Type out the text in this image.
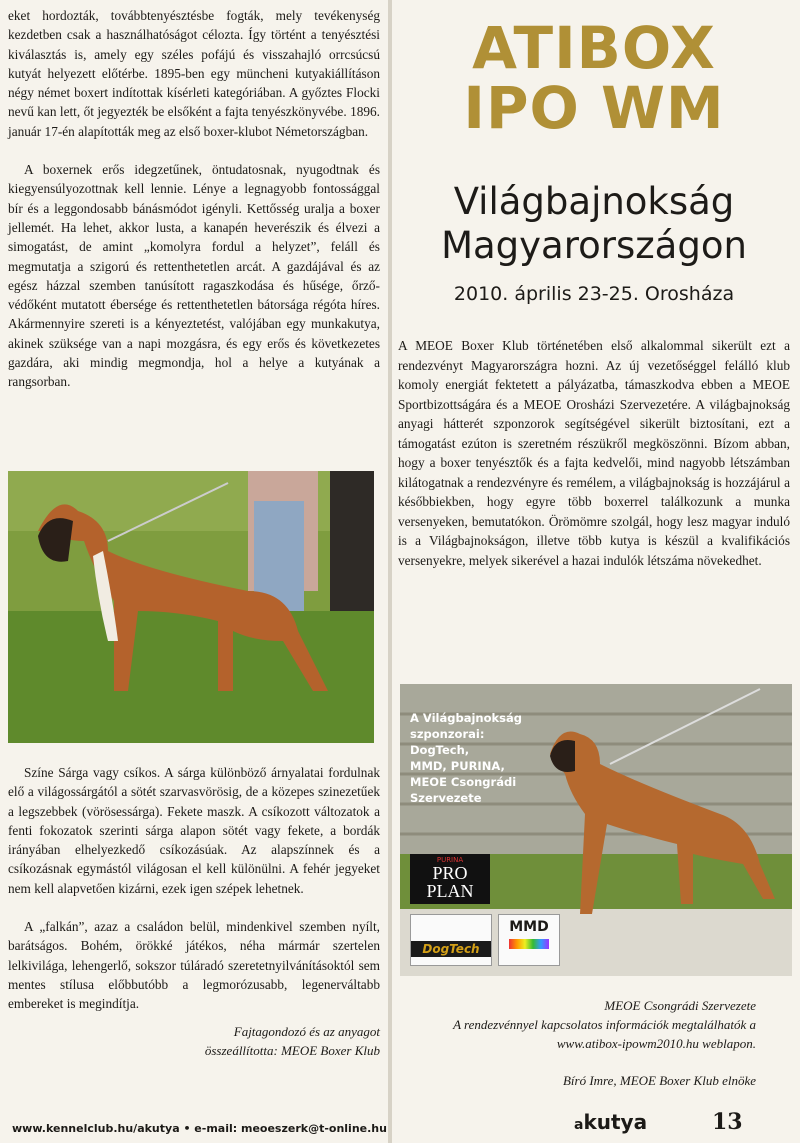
eket hordozták, továbbtenyésztésbe fogták, mely tevékenység kezdetben csak a használhatóságot célozta. Így történt a tenyésztési kiválasztás is, amely egy széles pofájú és visszahajló orrcsúcsú kutyát helyezett előtérbe. 1895-ben egy müncheni kutyakiállításon négy német boxert indítottak kísérleti kategóriában. A győztes Flocki nevű kan lett, őt jegyezték be elsőként a fajta tenyészkönyvébe. 1896. január 17-én alapították meg az első boxer-klubot Németországban.

A boxernek erős idegzetűnek, öntudatosnak, nyugodtnak és kiegyensúlyozottnak kell lennie. Lénye a legnagyobb fontossággal bír és a leggondosabb bánásmódot igényli. Kettősség uralja a boxer jellemét. Ha lehet, akkor lusta, a kanapén heverészik és élvezi a simogatást, de amint „komolyra fordul a helyzet”, feláll és megmutatja a szigorú és rettenthetetlen arcát. A gazdájával és az egész házzal szemben tanúsított ragaszkodása és hűsége, őrző-védőként mutatott ébersége és rettenthetetlen bátorsága régóta híres. Akármennyire szereti is a kényeztetést, valójában egy munkakutya, akinek szüksége van a napi mozgásra, és egy erős és következetes gazdára, aki mindig megmondja, hol a helye a kutyának a rangsorban.

Színe Sárga vagy csíkos. A sárga különböző árnyalatai fordulnak elő a világossárgától a sötét szarvasvörösig, de a közepes szinezetűek a legszebbek (vörösessárga). Fekete maszk. A csíkozott változatok a fenti fokozatok szerinti sárga alapon sötét vagy fekete, a bordák irányában elhelyezkedő csíkozásúak. Az alapszínnek és a csíkozásnak egymástól világosan el kell különülni. A fehér jegyeket nem kell alapvetően kizárni, ezek igen szépek lehetnek.

A „falkán”, azaz a családon belül, mindenkivel szemben nyílt, barátságos. Bohém, örökké játékos, néha mármár szertelen lelkivilága, lehengerlő, sokszor túláradó szeretetnyilvánításoktól sem mentes stílusa előbbutóbb a legmorózusabb, legenerváltabb embereket is megindítja.

Fajtagondozó és az anyagot
összeállította: MEOE Boxer Klub
ATIBOX
IPO WM

Világbajnokság

Magyarországon

2010. április 23-25. Orosháza

A MEOE Boxer Klub történetében első alkalommal sikerült ezt a rendezvényt Magyarországra hozni. Az új vezetőséggel felálló klub komoly energiát fektetett a pályázatba, támaszkodva ebben a MEOE Sportbizottságára és a MEOE Orosházi Szervezetére. A világbajnokság anyagi hátterét szponzorok segítségével sikerült biztosítani, ezt a támogatást ezúton is szeretném részükről megköszönni. Bízom abban, hogy a boxer tenyésztők és a fajta kedvelői, mind nagyobb létszámban kilátogatnak a rendezvényre és remélem, a világbajnokság is hozzájárul a későbbiekben, hogy egyre több boxerrel találkozunk a munka versenyeken, bemutatókon. Örömömre szolgál, hogy lesz magyar induló is a Világbajnokságon, illetve több kutya is készül a kvalifikációs versenyekre, melyek sikerével a hazai indulók létszáma növekedhet.

A Világbajnokság szponzorai:
DogTech,
MMD, PURINA,
MEOE Csongrádi
Szervezete
PURINA
PRO
PLAN
DogTech
MMD
MEOE Csongrádi Szervezete
A rendezvénnyel kapcsolatos információk megtalálhatók a
www.atibox-ipowm2010.hu weblapon.
Bíró Imre, MEOE Boxer Klub elnöke
www.kennelclub.hu/akutya • e-mail: meoeszerk@t-online.hu	akutya	13
